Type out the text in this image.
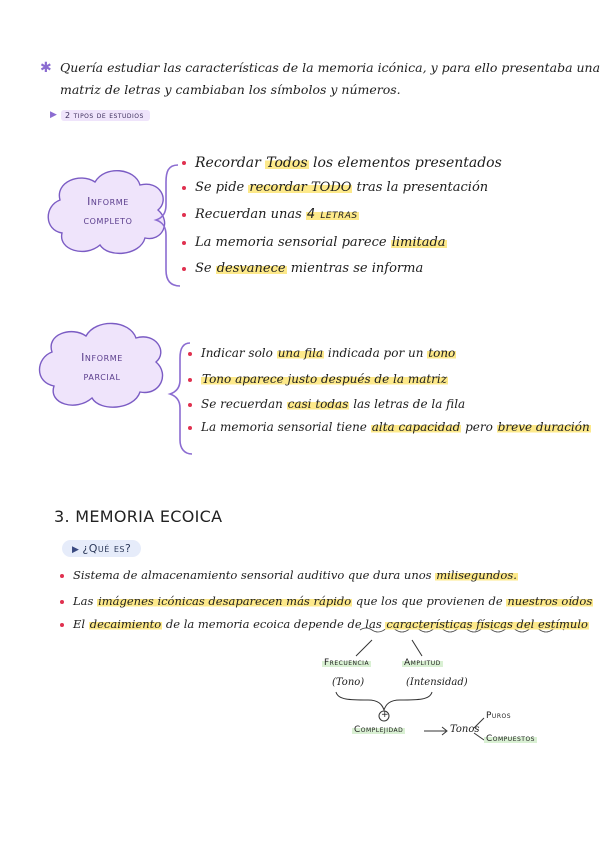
✱ Quería estudiar las características de la memoria icónica, y para ello presentaba una
matriz de letras y cambiaban los símbolos y números.
▶	2 tipos de estudios
Informe
completo
Recordar Todos los elementos presentados
Se pide recordar TODO tras la presentación
Recuerdan unas 4 letras
La memoria sensorial parece limitada
Se desvanece mientras se informa
Informe
parcial
Indicar solo una fila indicada por un tono
Tono aparece justo después de la matriz
Se recuerdan casi todas las letras de la fila
La memoria sensorial tiene alta capacidad pero breve duración
3. MEMORIA ECOICA
▶ ¿Qué es?
Sistema de almacenamiento sensorial auditivo que dura unos milisegundos.
Las imágenes icónicas desaparecen más rápido que los que provienen de nuestros oídos
El decaimiento de la memoria ecoica depende de las características físicas del estímulo
Frecuencia
(Tono)
Amplitud
(Intensidad)
+
Complejidad	Tonos
Puros
Compuestos
